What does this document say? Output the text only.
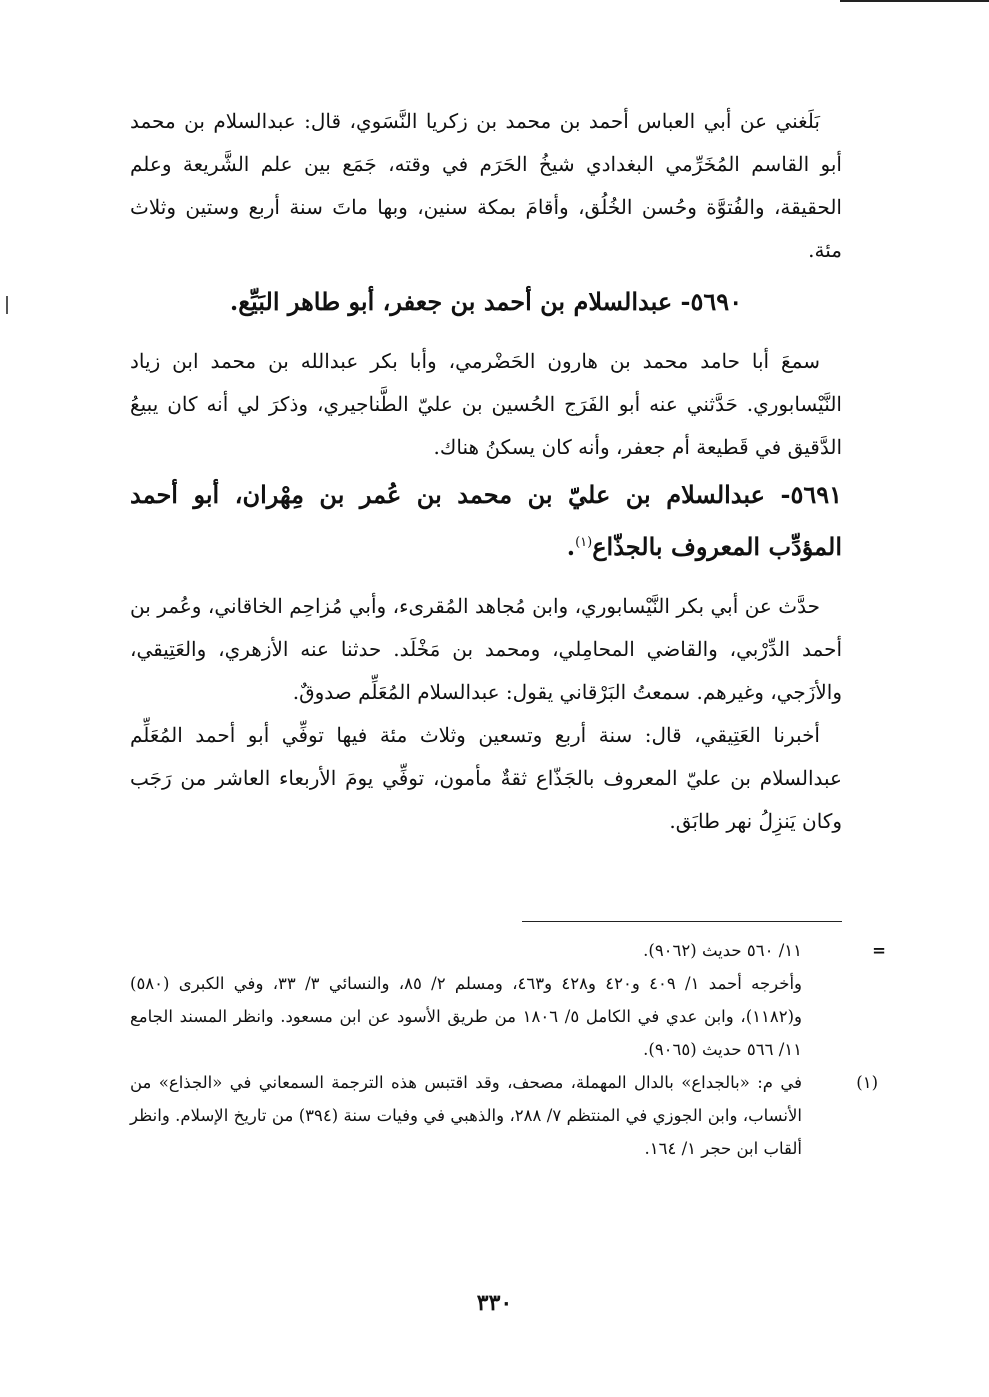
بَلَغني عن أبي العباس أحمد بن محمد بن زكريا النَّسَوي، قال: عبدالسلام بن محمد أبو القاسم المُخَرِّمي البغدادي شيخُ الحَرَم في وقته، جَمَع بين علم الشَّريعة وعلم الحقيقة، والفُتوَّة وحُسن الخُلُق، وأقامَ بمكة سنين، وبها ماتَ سنة أربع وستين وثلاث مئة.

٥٦٩٠- عبدالسلام بن أحمد بن جعفر، أبو طاهر البَيِّع.

سمعَ أبا حامد محمد بن هارون الحَضْرمي، وأبا بكر عبدالله بن محمد ابن زياد النَّيْسابوري. حَدَّثني عنه أبو الفَرَج الحُسين بن عليّ الطَّناجيري، وذكرَ لي أنه كان يبيعُ الدَّقيق في قَطيعة أم جعفر، وأنه كان يسكنُ هناك.

٥٦٩١- عبدالسلام بن عليّ بن محمد بن عُمر بن مِهْران، أبو أحمد المؤدِّب المعروف بالجذّاع$^{(١)}$.

حدَّث عن أبي بكر النَّيْسابوري، وابن مُجاهد المُقرىء، وأبي مُزاحِم الخاقاني، وعُمر بن أحمد الدِّرْبي، والقاضي المحامِلي، ومحمد بن مَخْلَد. حدثنا عنه الأزهري، والعَتِيقي، والأزَجي، وغيرهم. سمعتُ البَرْقاني يقول: عبدالسلام المُعَلِّم صدوقٌ.

أخبرنا العَتِيقي، قال: سنة أربع وتسعين وثلاث مئة فيها توفِّي أبو أحمد المُعَلِّم عبدالسلام بن عليّ المعروف بالجَذّاع ثقةٌ مأمون، توفِّي يومَ الأربعاء العاشر من رَجَب وكان يَنزِلُ نهر طابَق.

=
١١/ ٥٦٠ حديث (٩٠٦٢).

وأخرجه أحمد ١/ ٤٠٩ و٤٢٠ و٤٢٨ و٤٦٣، ومسلم ٢/ ٨٥، والنسائي ٣/ ٣٣، وفي الكبرى (٥٨٠) و(١١٨٢)، وابن عدي في الكامل ٥/ ١٨٠٦ من طريق الأسود عن ابن مسعود. وانظر المسند الجامع ١١/ ٥٦٦ حديث (٩٠٦٥).

(١)
في م: «بالجداع» بالدال المهملة، مصحف، وقد اقتبس هذه الترجمة السمعاني في «الجذاع» من الأنساب، وابن الجوزي في المنتظم ٧/ ٢٨٨، والذهبي في وفيات سنة (٣٩٤) من تاريخ الإسلام. وانظر ألقاب ابن حجر ١/ ١٦٤.
٣٣٠
